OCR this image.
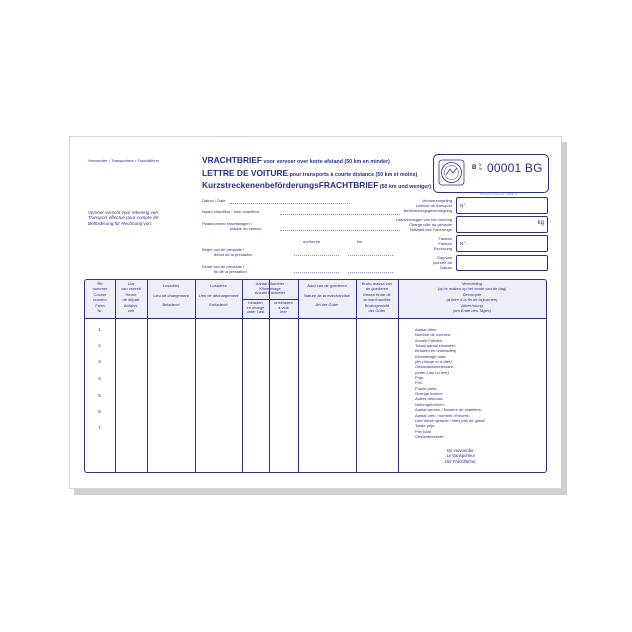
Vervoerder • Transporteur • Frachtführer	VRACHTBRIEF voor vervoer over korte afstand (50 km en minder)
LETTRE DE VOITURE pour transports à courte distance (50 km et moins)
KurzstreckenenbeförderungsFRACHTBRIEF (50 km und weniger)
B N°
Nr 00001 BG
Printed by group.be · 00497 3
Vervoer verricht voor rekening van
Transport effectué pour compte de:
Beförderung für Rechnung von:
Datum / Date
Naam chauffeur / nom chauffeur
Plaatnummer vrachtwagen /
plaque du camion
uur/heure	km
Begin van de prestatie /
début de la prestation
Einde van de prestatie /
fin de la prestation
Vervoersregeling
Licence de transport
Beförderungsgenehmigung
N°:
Laadvermogen van het voertuig
Charge utile du véhicule
Nutzlast des Fahrzeuge
kg
Factuur
Facture
Rechnung
N°:
Dag van
journée du
Datum
Rit
nummer
Course
numéro
Fahrt
Nr.
Uur
van vertrek
Heure
de départ
Abfahrt-
zeit
Losadres
Lieu de chargement
Beladeort
Losadres
Lieu de déchargement
Entladeort
Aantal kilometer
Kilometrage
Anzahl Kilometer
beladen
en charge
unter Last
onbeladen
à vide
leer
Aard van de goederen
Nature de la marchandise
Art der Güter
Bruto-massa van
de goederen
Masse brute de
la marchandise
Bruttogewicht
der Güter
Vermelding
(op te maken op het einde van de dag)
Décompte
(à faire à la fin de la journée)
Abrechnung
(am Ende des Tages)
1
2
3
4
5
6
7
Aantal ritten:
Nombre de courses:
Anzahl Fahrten:
Totaal aantal kilometer:
Beladen en onbeladen)
Kilométrage total:
(en charge et à vide)
Gesamtkilometerzahl:
(unter Last un leer)
Prijs:
Prix:
Fracht preis:
Overige kosten:
Autres débours:
Nebengebühren:
Aantal werven / Nombre de chantiers:
Aantal uren / nombre d'heures:
Liter diesel getankt / litres pris de gasoil
Totale prijs:
Prix total:
Gesamtsummer:
De vervoerder,
Le transporteur
Der Frachtführer,
